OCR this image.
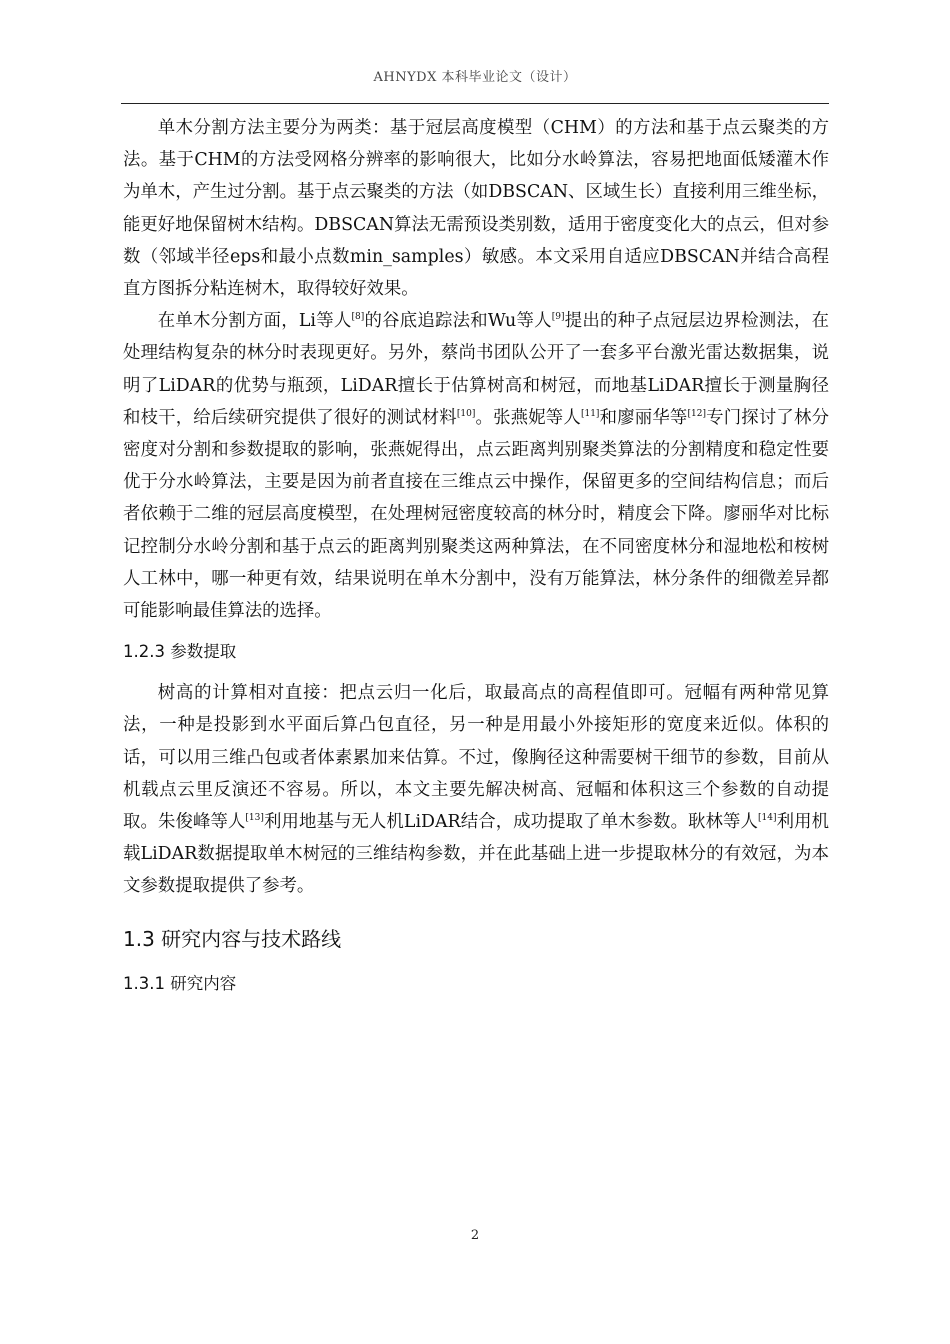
AHNYDX 本科毕业论文（设计）

单木分割方法主要分为两类：基于冠层高度模型（CHM）的方法和基于点云聚类的方法。基于CHM的方法受网格分辨率的影响很大，比如分水岭算法，容易把地面低矮灌木作为单木，产生过分割。基于点云聚类的方法（如DBSCAN、区域生长）直接利用三维坐标，能更好地保留树木结构。DBSCAN算法无需预设类别数，适用于密度变化大的点云，但对参数（邻域半径eps和最小点数min_samples）敏感。本文采用自适应DBSCAN并结合高程直方图拆分粘连树木，取得较好效果。

在单木分割方面，Li等人[8]的谷底追踪法和Wu等人[9]提出的种子点冠层边界检测法，在处理结构复杂的林分时表现更好。另外，蔡尚书团队公开了一套多平台激光雷达数据集，说明了LiDAR的优势与瓶颈，LiDAR擅长于估算树高和树冠，而地基LiDAR擅长于测量胸径和枝干，给后续研究提供了很好的测试材料[10]。张燕妮等人[11]和廖丽华等[12]专门探讨了林分密度对分割和参数提取的影响，张燕妮得出，点云距离判别聚类算法的分割精度和稳定性要优于分水岭算法，主要是因为前者直接在三维点云中操作，保留更多的空间结构信息；而后者依赖于二维的冠层高度模型，在处理树冠密度较高的林分时，精度会下降。廖丽华对比标记控制分水岭分割和基于点云的距离判别聚类这两种算法，在不同密度林分和湿地松和桉树人工林中，哪一种更有效，结果说明在单木分割中，没有万能算法，林分条件的细微差异都可能影响最佳算法的选择。

1.2.3 参数提取

树高的计算相对直接：把点云归一化后，取最高点的高程值即可。冠幅有两种常见算法，一种是投影到水平面后算凸包直径，另一种是用最小外接矩形的宽度来近似。体积的话，可以用三维凸包或者体素累加来估算。不过，像胸径这种需要树干细节的参数，目前从机载点云里反演还不容易。所以，本文主要先解决树高、冠幅和体积这三个参数的自动提取。朱俊峰等人[13]利用地基与无人机LiDAR结合，成功提取了单木参数。耿林等人[14]利用机载LiDAR数据提取单木树冠的三维结构参数，并在此基础上进一步提取林分的有效冠，为本文参数提取提供了参考。

1.3 研究内容与技术路线
1.3.1 研究内容
2
